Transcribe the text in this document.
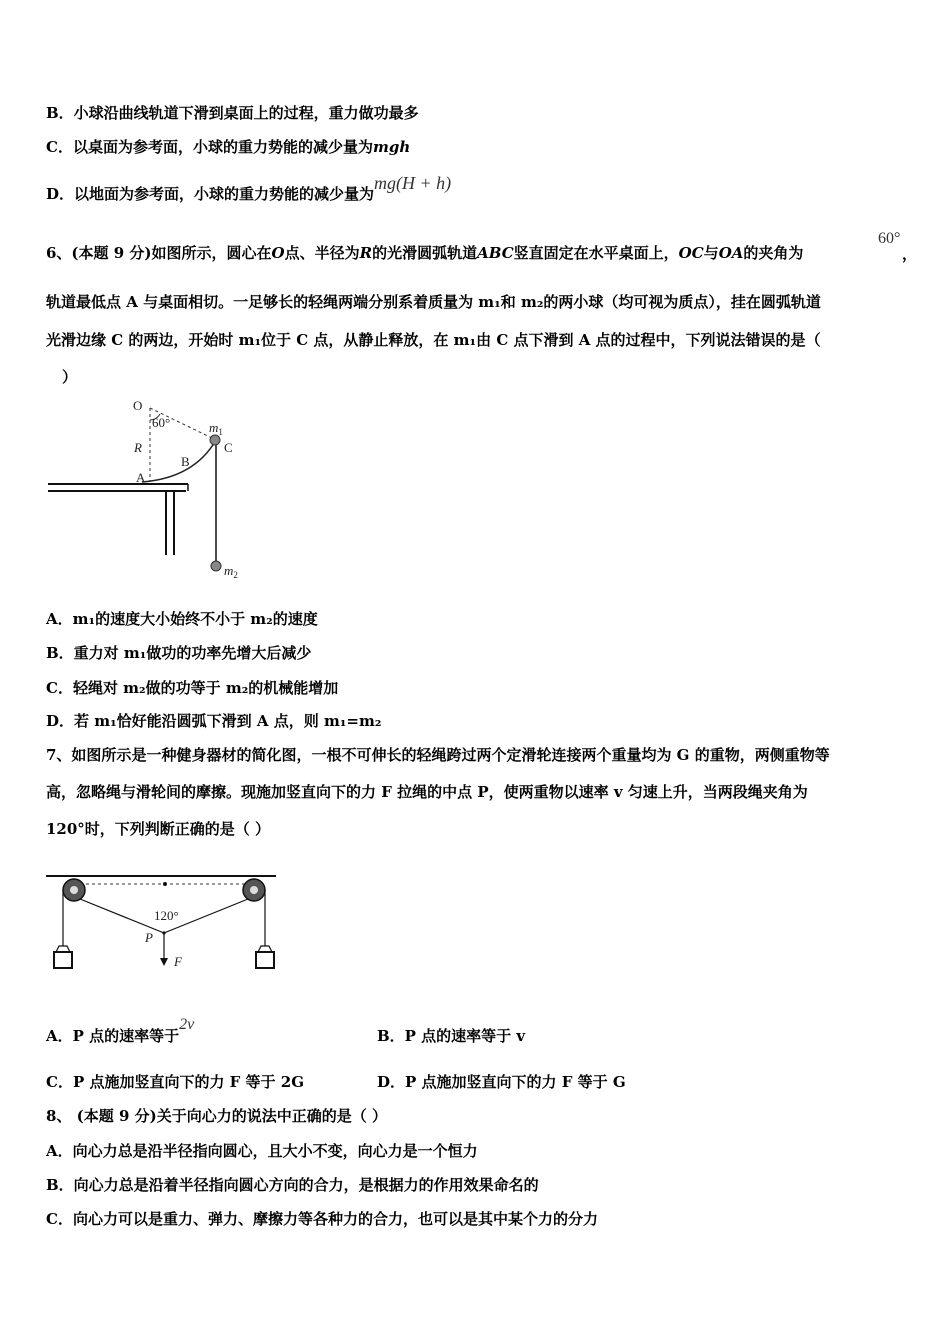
B．小球沿曲线轨道下滑到桌面上的过程，重力做功最多
C．以桌面为参考面，小球的重力势能的减少量为mgh
D．以地面为参考面，小球的重力势能的减少量为mg(H + h)
6、(本题 9 分)如图所示，圆心在O点、半径为R的光滑圆弧轨道ABC竖直固定在水平桌面上，OC与OA的夹角为
60°
，
轨道最低点 A 与桌面相切。一足够长的轻绳两端分别系着质量为 m₁和 m₂的两小球（均可视为质点），挂在圆弧轨道
光滑边缘 C 的两边，开始时 m₁位于 C 点，从静止释放，在 m₁由 C 点下滑到 A 点的过程中，下列说法错误的是（
）
O
60°
R
A
B
C
$m_1$
$m_2$
A．m₁的速度大小始终不小于 m₂的速度
B．重力对 m₁做功的功率先增大后减少
C．轻绳对 m₂做的功等于 m₂的机械能增加
D．若 m₁恰好能沿圆弧下滑到 A 点，则 m₁=m₂
7、如图所示是一种健身器材的简化图，一根不可伸长的轻绳跨过两个定滑轮连接两个重量均为 G 的重物，两侧重物等
高，忽略绳与滑轮间的摩擦。现施加竖直向下的力 F 拉绳的中点 P，使两重物以速率 v 匀速上升，当两段绳夹角为
120°时，下列判断正确的是（ ）
120°
P
F
A．P 点的速率等于2v
B．P 点的速率等于 v
C．P 点施加竖直向下的力 F 等于 2G	D．P 点施加竖直向下的力 F 等于 G
8、 (本题 9 分)关于向心力的说法中正确的是（ ）
A．向心力总是沿半径指向圆心，且大小不变，向心力是一个恒力
B．向心力总是沿着半径指向圆心方向的合力，是根据力的作用效果命名的
C．向心力可以是重力、弹力、摩擦力等各种力的合力，也可以是其中某个力的分力
